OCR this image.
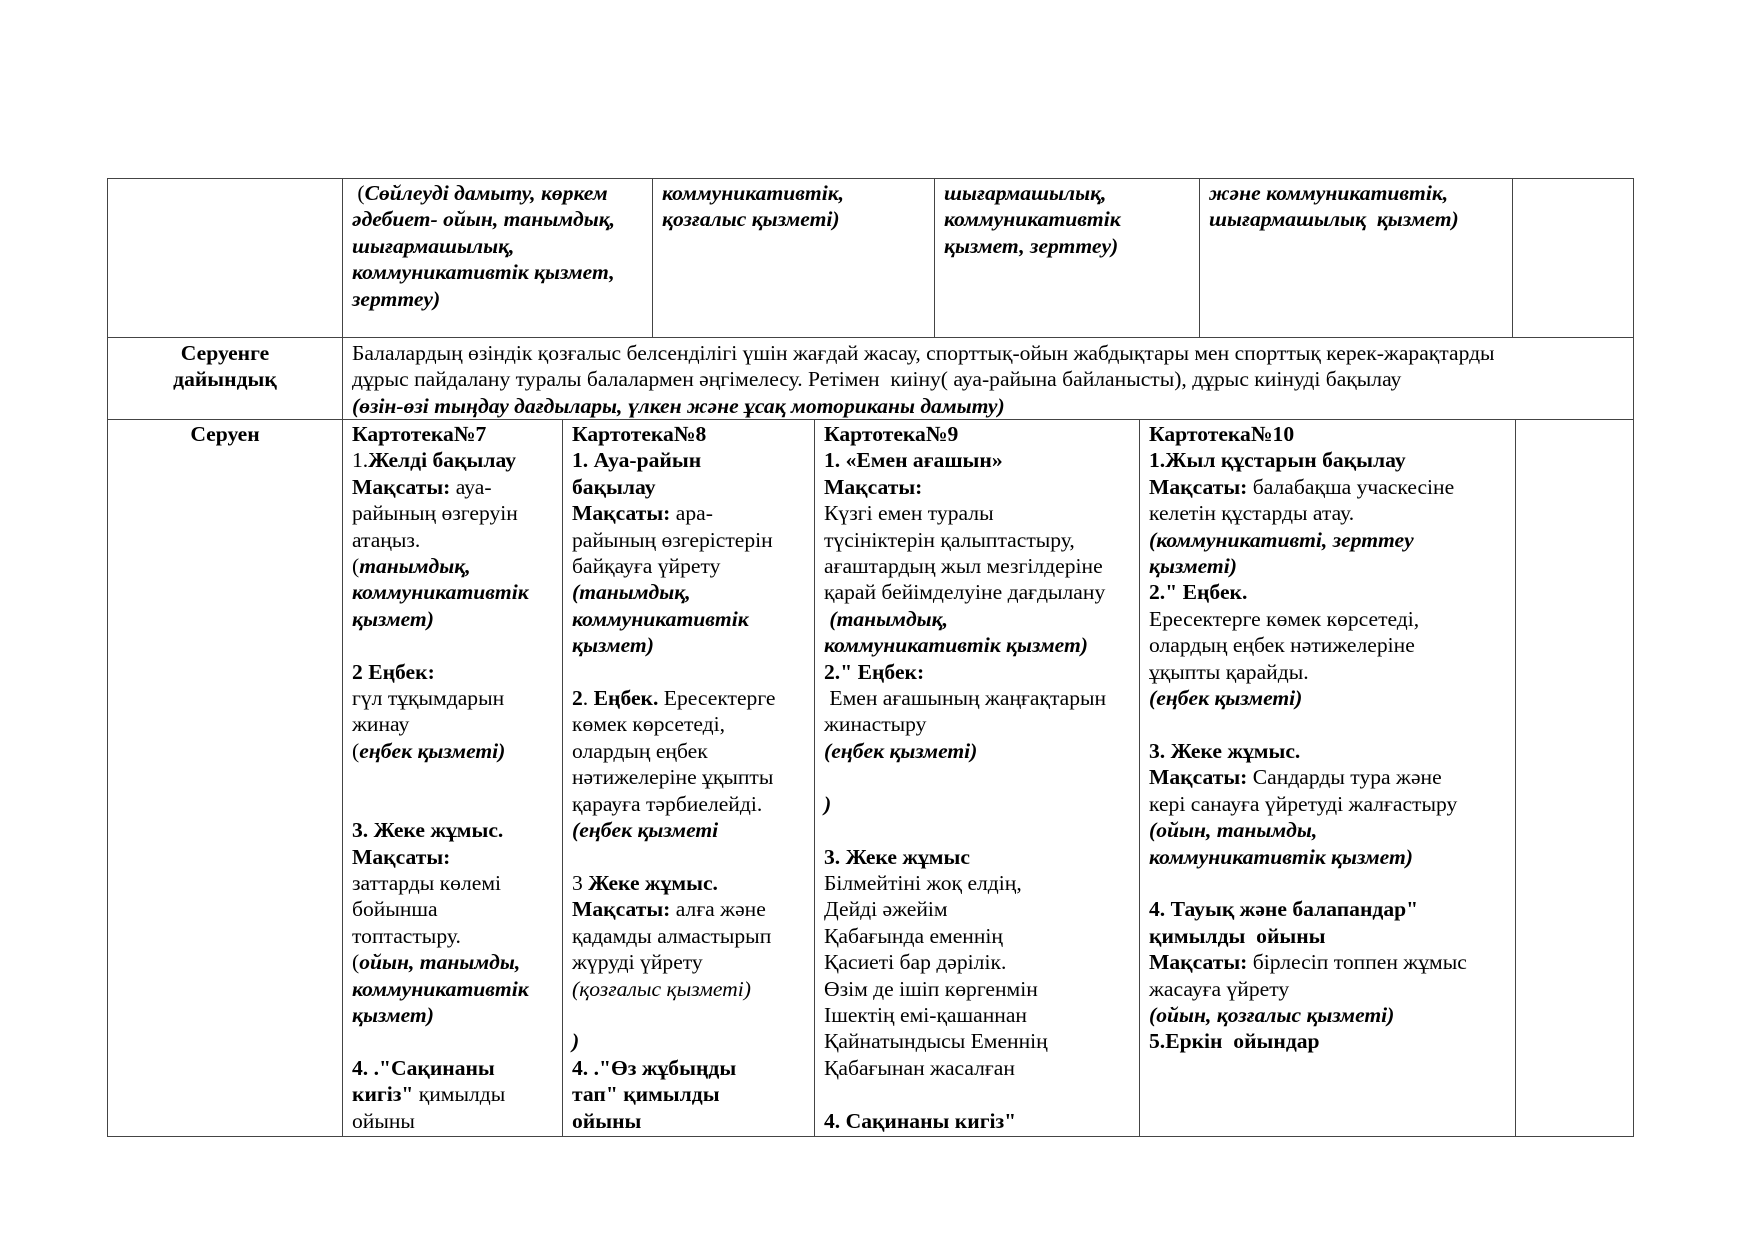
(Сөйлеуді дамыту, көркем
әдебиет- ойын, танымдық,
шығармашылық,
коммуникативтік қызмет,
зерттеу)
коммуникативтік,
қозғалыс қызметі)
шығармашылық,
коммуникативтік
қызмет, зерттеу)
және коммуникативтік,
шығармашылық  қызмет)
Серуенге
дайындық
Балалардың өзіндік қозғалыс белсенділігі үшін жағдай жасау, спорттық-ойын жабдықтары мен спорттық керек-жарақтарды
дұрыс пайдалану туралы балалармен әңгімелесу. Ретімен  киіну( ауа-райына байланысты), дұрыс киінуді бақылау
(өзін-өзі тыңдау дағдылары, үлкен және ұсақ моториканы дамыту)
Серуен	Картотека№7
1.Желді бақылау
Мақсаты: ауа-
райының өзгеруін
атаңыз.
(танымдық,
коммуникативтік
қызмет)

2 Еңбек:
гүл тұқымдарын
жинау
(еңбек қызметі)

3. Жеке жұмыс.
Мақсаты:
заттарды көлемі
бойынша
топтастыру.
(ойын, танымды,
коммуникативтік
қызмет)

4. ."Сақинаны
кигіз" қимылды
ойыны
Картотека№8
1. Ауа-райын
бақылау
Мақсаты: ара-
райының өзгерістерін
байқауға үйрету
(танымдық,
коммуникативтік
қызмет)

2. Еңбек. Ересектерге
көмек көрсетеді,
олардың еңбек
нәтижелеріне ұқыпты
қарауға тәрбиелейді.
(еңбек қызметі

3 Жеке жұмыс.
Мақсаты: алға және
қадамды алмастырып
жүруді үйрету
(қозғалыс қызметі)

)
4. ."Өз жұбыңды
тап" қимылды
ойыны
Картотека№9
1. «Емен ағашын»
Мақсаты:
Күзгі емен туралы
түсініктерін қалыптастыру,
ағаштардың жыл мезгілдеріне
қарай бейімделуіне дағдылану
(танымдық,
коммуникативтік қызмет)
2." Еңбек:
Емен ағашының жаңғақтарын
жинастыру
(еңбек қызметі)

)

3. Жеке жұмыс
Білмейтіні жоқ елдің,
Дейді әжейім
Қабағында еменнің
Қасиеті бар дәрілік.
Өзім де ішіп көргенмін
Ішектің емі-қашаннан
Қайнатындысы Еменнің
Қабағынан жасалған

4. Сақинаны кигіз"
Картотека№10
1.Жыл құстарын бақылау
Мақсаты: балабақша учаскесіне
келетін құстарды атау.
(коммуникативті, зерттеу
қызметі)
2." Еңбек.
Ересектерге көмек көрсетеді,
олардың еңбек нәтижелеріне
ұқыпты қарайды.
(еңбек қызметі)

3. Жеке жұмыс.
Мақсаты: Сандарды тура және
кері санауға үйретуді жалғастыру
(ойын, танымды,
коммуникативтік қызмет)

4. Тауық және балапандар"
қимылды  ойыны
Мақсаты: бірлесіп топпен жұмыс
жасауға үйрету
(ойын, қозғалыс қызметі)
5.Еркін  ойындар
